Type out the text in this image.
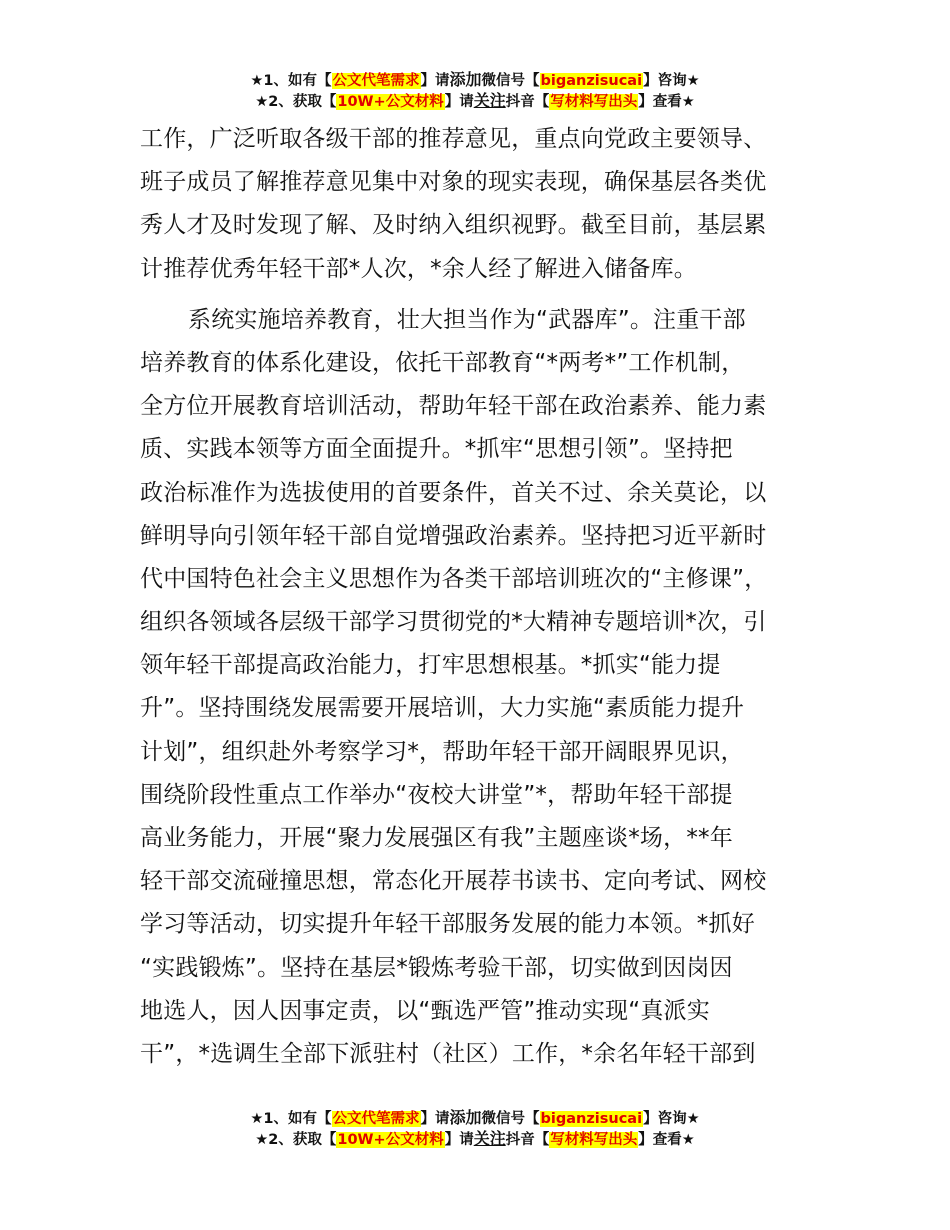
★1、如有【公文代笔需求】请添加微信号【biganzisucai】咨询★
★2、获取【10W+公文材料】请关注抖音【写材料写出头】查看★
工作，广泛听取各级干部的推荐意见，重点向党政主要领导、
班子成员了解推荐意见集中对象的现实表现，确保基层各类优
秀人才及时发现了解、及时纳入组织视野。截至目前，基层累
计推荐优秀年轻干部*人次，*余人经了解进入储备库。
系统实施培养教育，壮大担当作为“武器库”。注重干部
培养教育的体系化建设，依托干部教育“*两考*”工作机制，
全方位开展教育培训活动，帮助年轻干部在政治素养、能力素
质、实践本领等方面全面提升。*抓牢“思想引领”。坚持把
政治标准作为选拔使用的首要条件，首关不过、余关莫论，以
鲜明导向引领年轻干部自觉增强政治素养。坚持把习近平新时
代中国特色社会主义思想作为各类干部培训班次的“主修课”，
组织各领域各层级干部学习贯彻党的*大精神专题培训*次，引
领年轻干部提高政治能力，打牢思想根基。*抓实“能力提
升”。坚持围绕发展需要开展培训，大力实施“素质能力提升
计划”，组织赴外考察学习*，帮助年轻干部开阔眼界见识，
围绕阶段性重点工作举办“夜校大讲堂”*，帮助年轻干部提
高业务能力，开展“聚力发展强区有我”主题座谈*场，**年
轻干部交流碰撞思想，常态化开展荐书读书、定向考试、网校
学习等活动，切实提升年轻干部服务发展的能力本领。*抓好
“实践锻炼”。坚持在基层*锻炼考验干部，切实做到因岗因
地选人，因人因事定责，以“甄选严管”推动实现“真派实
干”，*选调生全部下派驻村（社区）工作，*余名年轻干部到
★1、如有【公文代笔需求】请添加微信号【biganzisucai】咨询★
★2、获取【10W+公文材料】请关注抖音【写材料写出头】查看★
